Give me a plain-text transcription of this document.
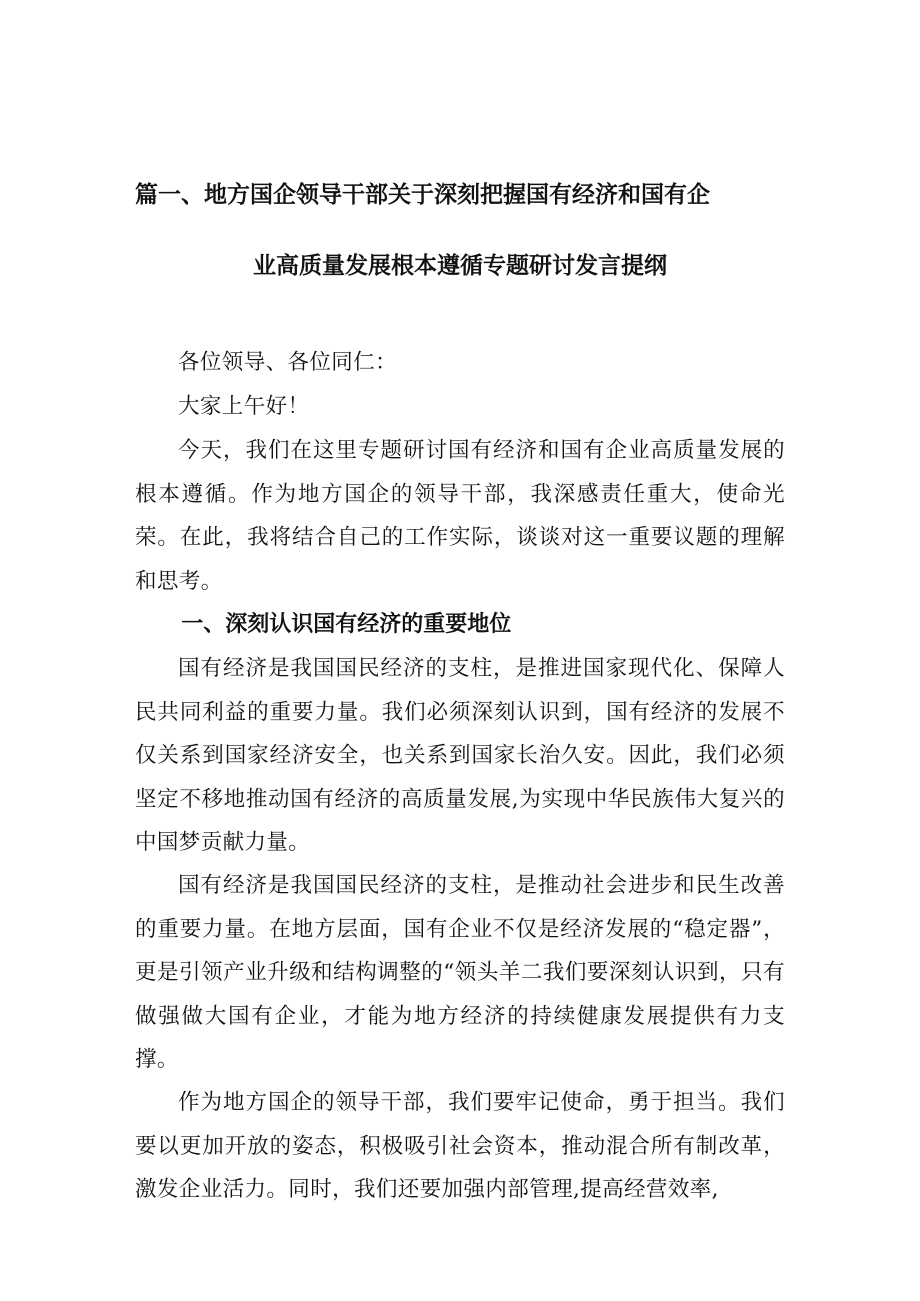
篇一、地方国企领导干部关于深刻把握国有经济和国有企
业高质量发展根本遵循专题研讨发言提纲
各位领导、各位同仁：
大家上午好！
今天，我们在这里专题研讨国有经济和国有企业高质量发展的根本遵循。作为地方国企的领导干部，我深感责任重大，使命光荣。在此，我将结合自己的工作实际，谈谈对这一重要议题的理解和思考。
一、深刻认识国有经济的重要地位
国有经济是我国国民经济的支柱，是推进国家现代化、保障人民共同利益的重要力量。我们必须深刻认识到，国有经济的发展不仅关系到国家经济安全，也关系到国家长治久安。因此，我们必须坚定不移地推动国有经济的高质量发展,为实现中华民族伟大复兴的中国梦贡献力量。
国有经济是我国国民经济的支柱，是推动社会进步和民生改善的重要力量。在地方层面，国有企业不仅是经济发展的“稳定器”，更是引领产业升级和结构调整的“领头羊二我们要深刻认识到，只有做强做大国有企业，才能为地方经济的持续健康发展提供有力支撑。
作为地方国企的领导干部，我们要牢记使命，勇于担当。我们要以更加开放的姿态，积极吸引社会资本，推动混合所有制改革，激发企业活力。同时，我们还要加强内部管理,提高经营效率,
